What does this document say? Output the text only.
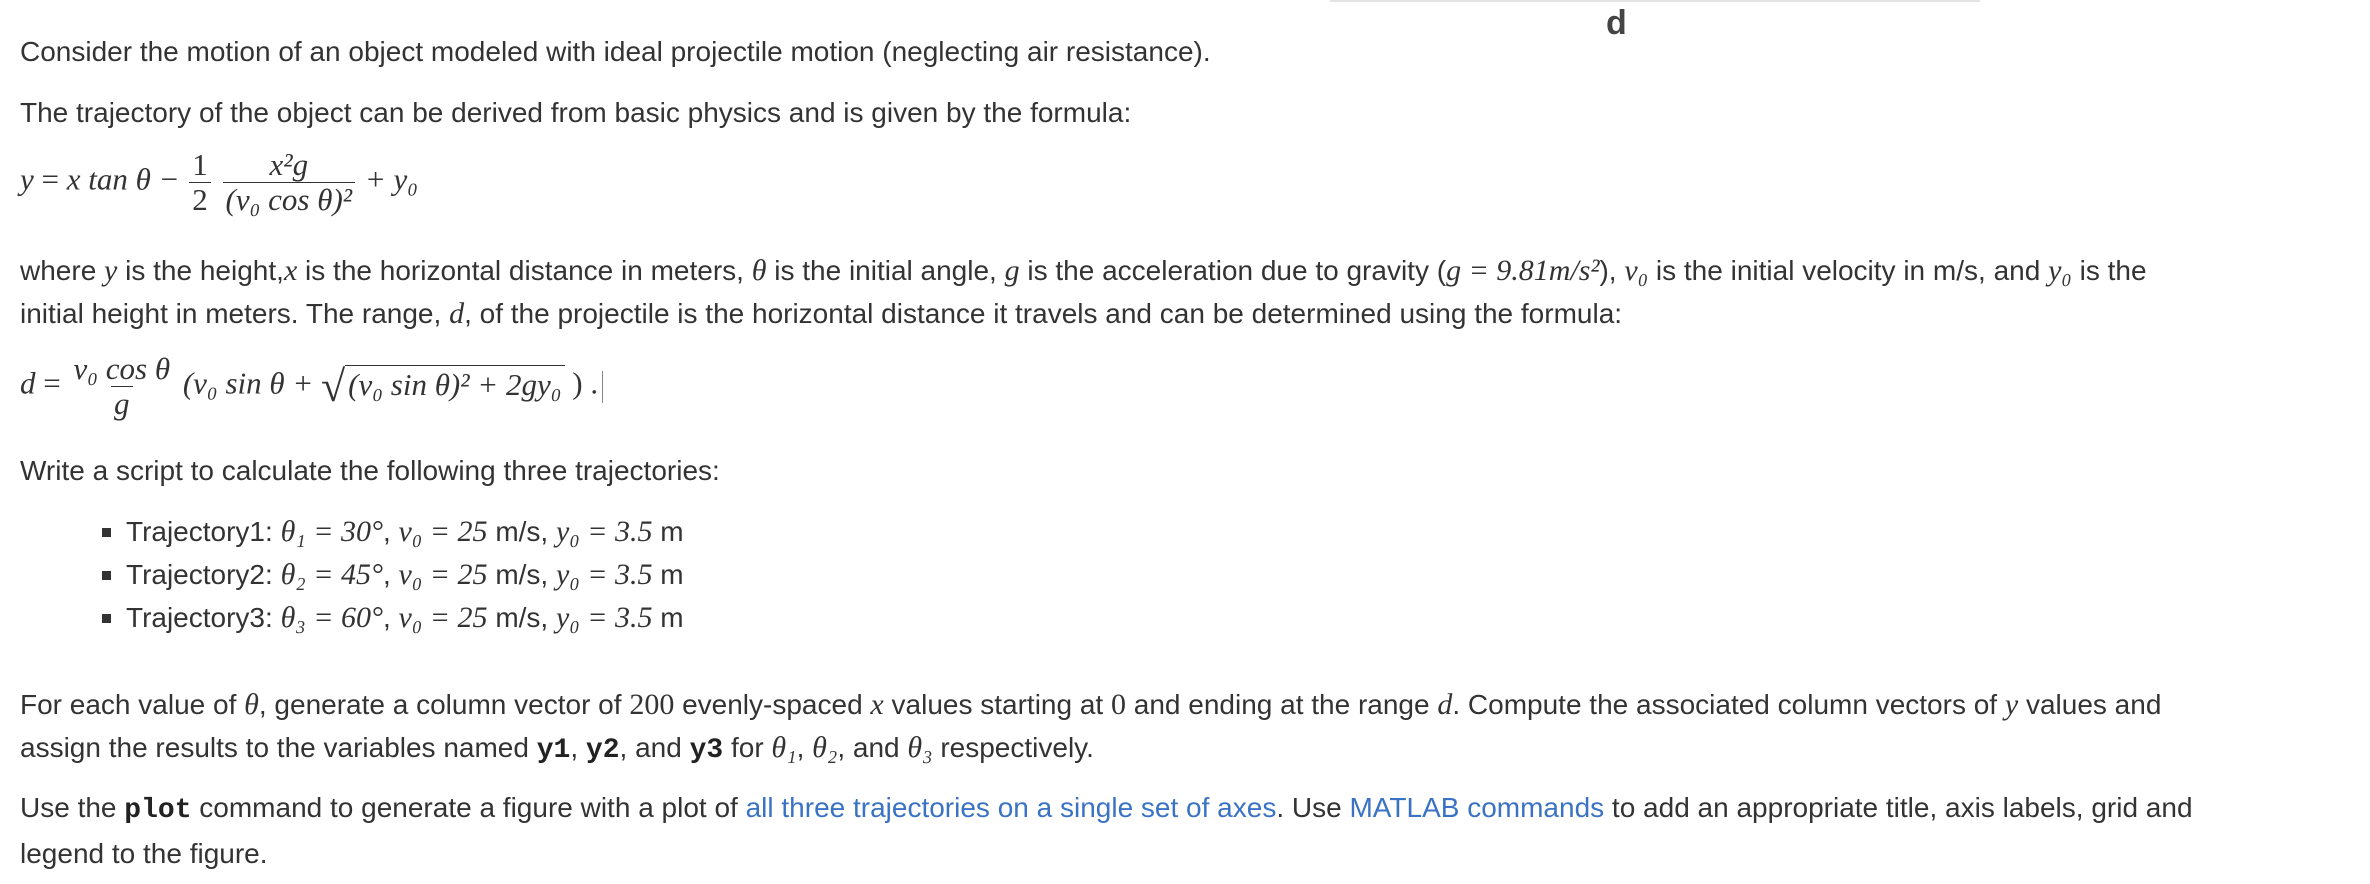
d

Consider the motion of an object modeled with ideal projectile motion (neglecting air resistance).

The trajectory of the object can be derived from basic physics and is given by the formula:

y = x $\tan \theta - \frac{1}{2}$
$\frac{\text{x²g}}{\text{(v₀ cos θ)²}} + y_0$
where y is the height,x is the horizontal distance in meters, θ is the initial angle, g is the acceleration due to gravity (g = 9.81m/s²), v₀ is the initial velocity in m/s, and y₀ is the
initial height in meters. The range, d, of the projectile is the horizontal distance it travels and can be determined using the formula:
$d = \frac{\text{v₀ cos θ}}{g} (v_0$ sin θ + √ (v₀ sin θ)² + 2gy₀ ) .

Write a script to calculate the following three trajectories:

Trajectory1: θ₁ = 30°, v₀ = 25 m/s, y₀ = 3.5 m
Trajectory2: θ₂ = 45°, v₀ = 25 m/s, y₀ = 3.5 m
Trajectory3: θ₃ = 60°, v₀ = 25 m/s, y₀ = 3.5 m
For each value of θ, generate a column vector of 200 evenly-spaced x values starting at 0 and ending at the range d. Compute the associated column vectors of y values and
assign the results to the variables named y1, y2, and y3 for θ₁, θ₂, and θ₃ respectively.
Use the plot command to generate a figure with a plot of all three trajectories on a single set of axes. Use MATLAB commands to add an appropriate title, axis labels, grid and
legend to the figure.
